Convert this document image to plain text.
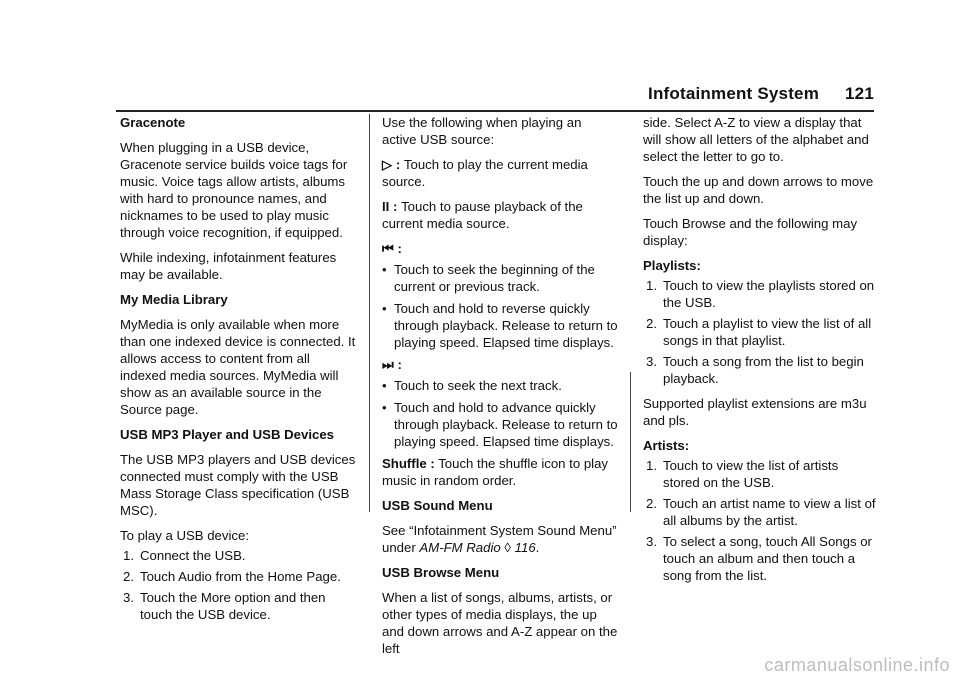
Infotainment System 121

Gracenote

When plugging in a USB device, Gracenote service builds voice tags for music. Voice tags allow artists, albums with hard to pronounce names, and nicknames to be used to play music through voice recognition, if equipped.

While indexing, infotainment features may be available.

My Media Library

MyMedia is only available when more than one indexed device is connected. It allows access to content from all indexed media sources. MyMedia will show as an available source in the Source page.

USB MP3 Player and USB Devices

The USB MP3 players and USB devices connected must comply with the USB Mass Storage Class specification (USB MSC).

To play a USB device:

1. Connect the USB.
2. Touch Audio from the Home Page.
3. Touch the More option and then touch the USB device.

Use the following when playing an active USB source:

▷ : Touch to play the current media source.

II : Touch to pause playback of the current media source.

⏮ :

• Touch to seek the beginning of the current or previous track.
• Touch and hold to reverse quickly through playback. Release to return to playing speed. Elapsed time displays.

⏭ :

• Touch to seek the next track.
• Touch and hold to advance quickly through playback. Release to return to playing speed. Elapsed time displays.

Shuffle : Touch the shuffle icon to play music in random order.

USB Sound Menu

See “Infotainment System Sound Menu” under AM-FM Radio ◊ 116.

USB Browse Menu

When a list of songs, albums, artists, or other types of media displays, the up and down arrows and A-Z appear on the left

side. Select A-Z to view a display that will show all letters of the alphabet and select the letter to go to.

Touch the up and down arrows to move the list up and down.

Touch Browse and the following may display:

Playlists:

1. Touch to view the playlists stored on the USB.
2. Touch a playlist to view the list of all songs in that playlist.
3. Touch a song from the list to begin playback.

Supported playlist extensions are m3u and pls.

Artists:

1. Touch to view the list of artists stored on the USB.
2. Touch an artist name to view a list of all albums by the artist.
3. To select a song, touch All Songs or touch an album and then touch a song from the list.
carmanualsonline.info
